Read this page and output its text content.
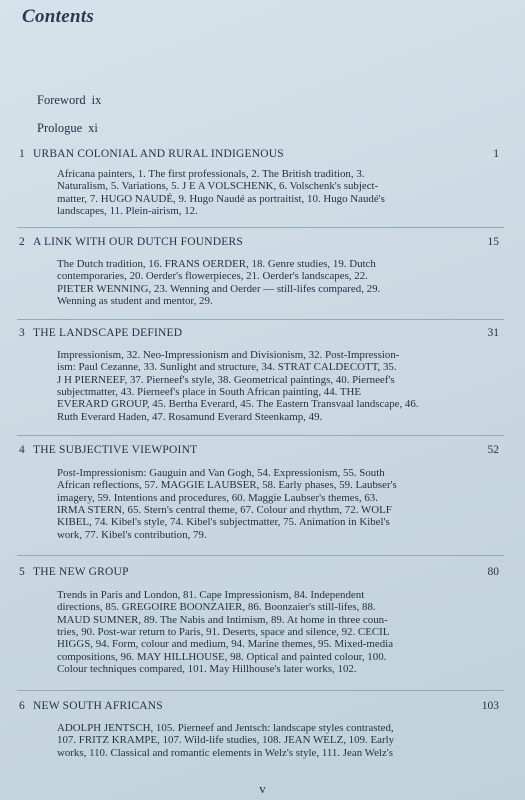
Contents
Foreword ix
Prologue xi
1 URBAN COLONIAL AND RURAL INDIGENOUS	1
Africana painters, 1. The first professionals, 2. The British tradition, 3.
Naturalism, 5. Variations, 5. J E A VOLSCHENK, 6. Volschenk's subject-
matter, 7. HUGO NAUDÉ, 9. Hugo Naudé as portraitist, 10. Hugo Naudé's
landscapes, 11. Plein-airism, 12.
2 A LINK WITH OUR DUTCH FOUNDERS	15
The Dutch tradition, 16. FRANS OERDER, 18. Genre studies, 19. Dutch
contemporaries, 20. Oerder's flowerpieces, 21. Oerder's landscapes, 22.
PIETER WENNING, 23. Wenning and Oerder — still-lifes compared, 29.
Wenning as student and mentor, 29.
3 THE LANDSCAPE DEFINED	31
Impressionism, 32. Neo-Impressionism and Divisionism, 32. Post-Impression-
ism: Paul Cezanne, 33. Sunlight and structure, 34. STRAT CALDECOTT, 35.
J H PIERNEEF, 37. Pierneef's style, 38. Geometrical paintings, 40. Pierneef's
subjectmatter, 43. Pierneef's place in South African painting, 44. THE
EVERARD GROUP, 45. Bertha Everard, 45. The Eastern Transvaal landscape, 46.
Ruth Everard Haden, 47. Rosamund Everard Steenkamp, 49.
4 THE SUBJECTIVE VIEWPOINT	52
Post-Impressionism: Gauguin and Van Gogh, 54. Expressionism, 55. South
African reflections, 57. MAGGIE LAUBSER, 58. Early phases, 59. Laubser's
imagery, 59. Intentions and procedures, 60. Maggie Laubser's themes, 63.
IRMA STERN, 65. Stern's central theme, 67. Colour and rhythm, 72. WOLF
KIBEL, 74. Kibel's style, 74. Kibel's subjectmatter, 75. Animation in Kibel's
work, 77. Kibel's contribution, 79.
5 THE NEW GROUP	80
Trends in Paris and London, 81. Cape Impressionism, 84. Independent
directions, 85. GREGOIRE BOONZAIER, 86. Boonzaier's still-lifes, 88.
MAUD SUMNER, 89. The Nabis and Intimism, 89. At home in three coun-
tries, 90. Post-war return to Paris, 91. Deserts, space and silence, 92. CECIL
HIGGS, 94. Form, colour and medium, 94. Marine themes, 95. Mixed-media
compositions, 96. MAY HILLHOUSE, 98. Optical and painted colour, 100.
Colour techniques compared, 101. May Hillhouse's later works, 102.
6 NEW SOUTH AFRICANS	103
ADOLPH JENTSCH, 105. Pierneef and Jentsch: landscape styles contrasted,
107. FRITZ KRAMPE, 107. Wild-life studies, 108. JEAN WELZ, 109. Early
works, 110. Classical and romantic elements in Welz's style, 111. Jean Welz's
v
